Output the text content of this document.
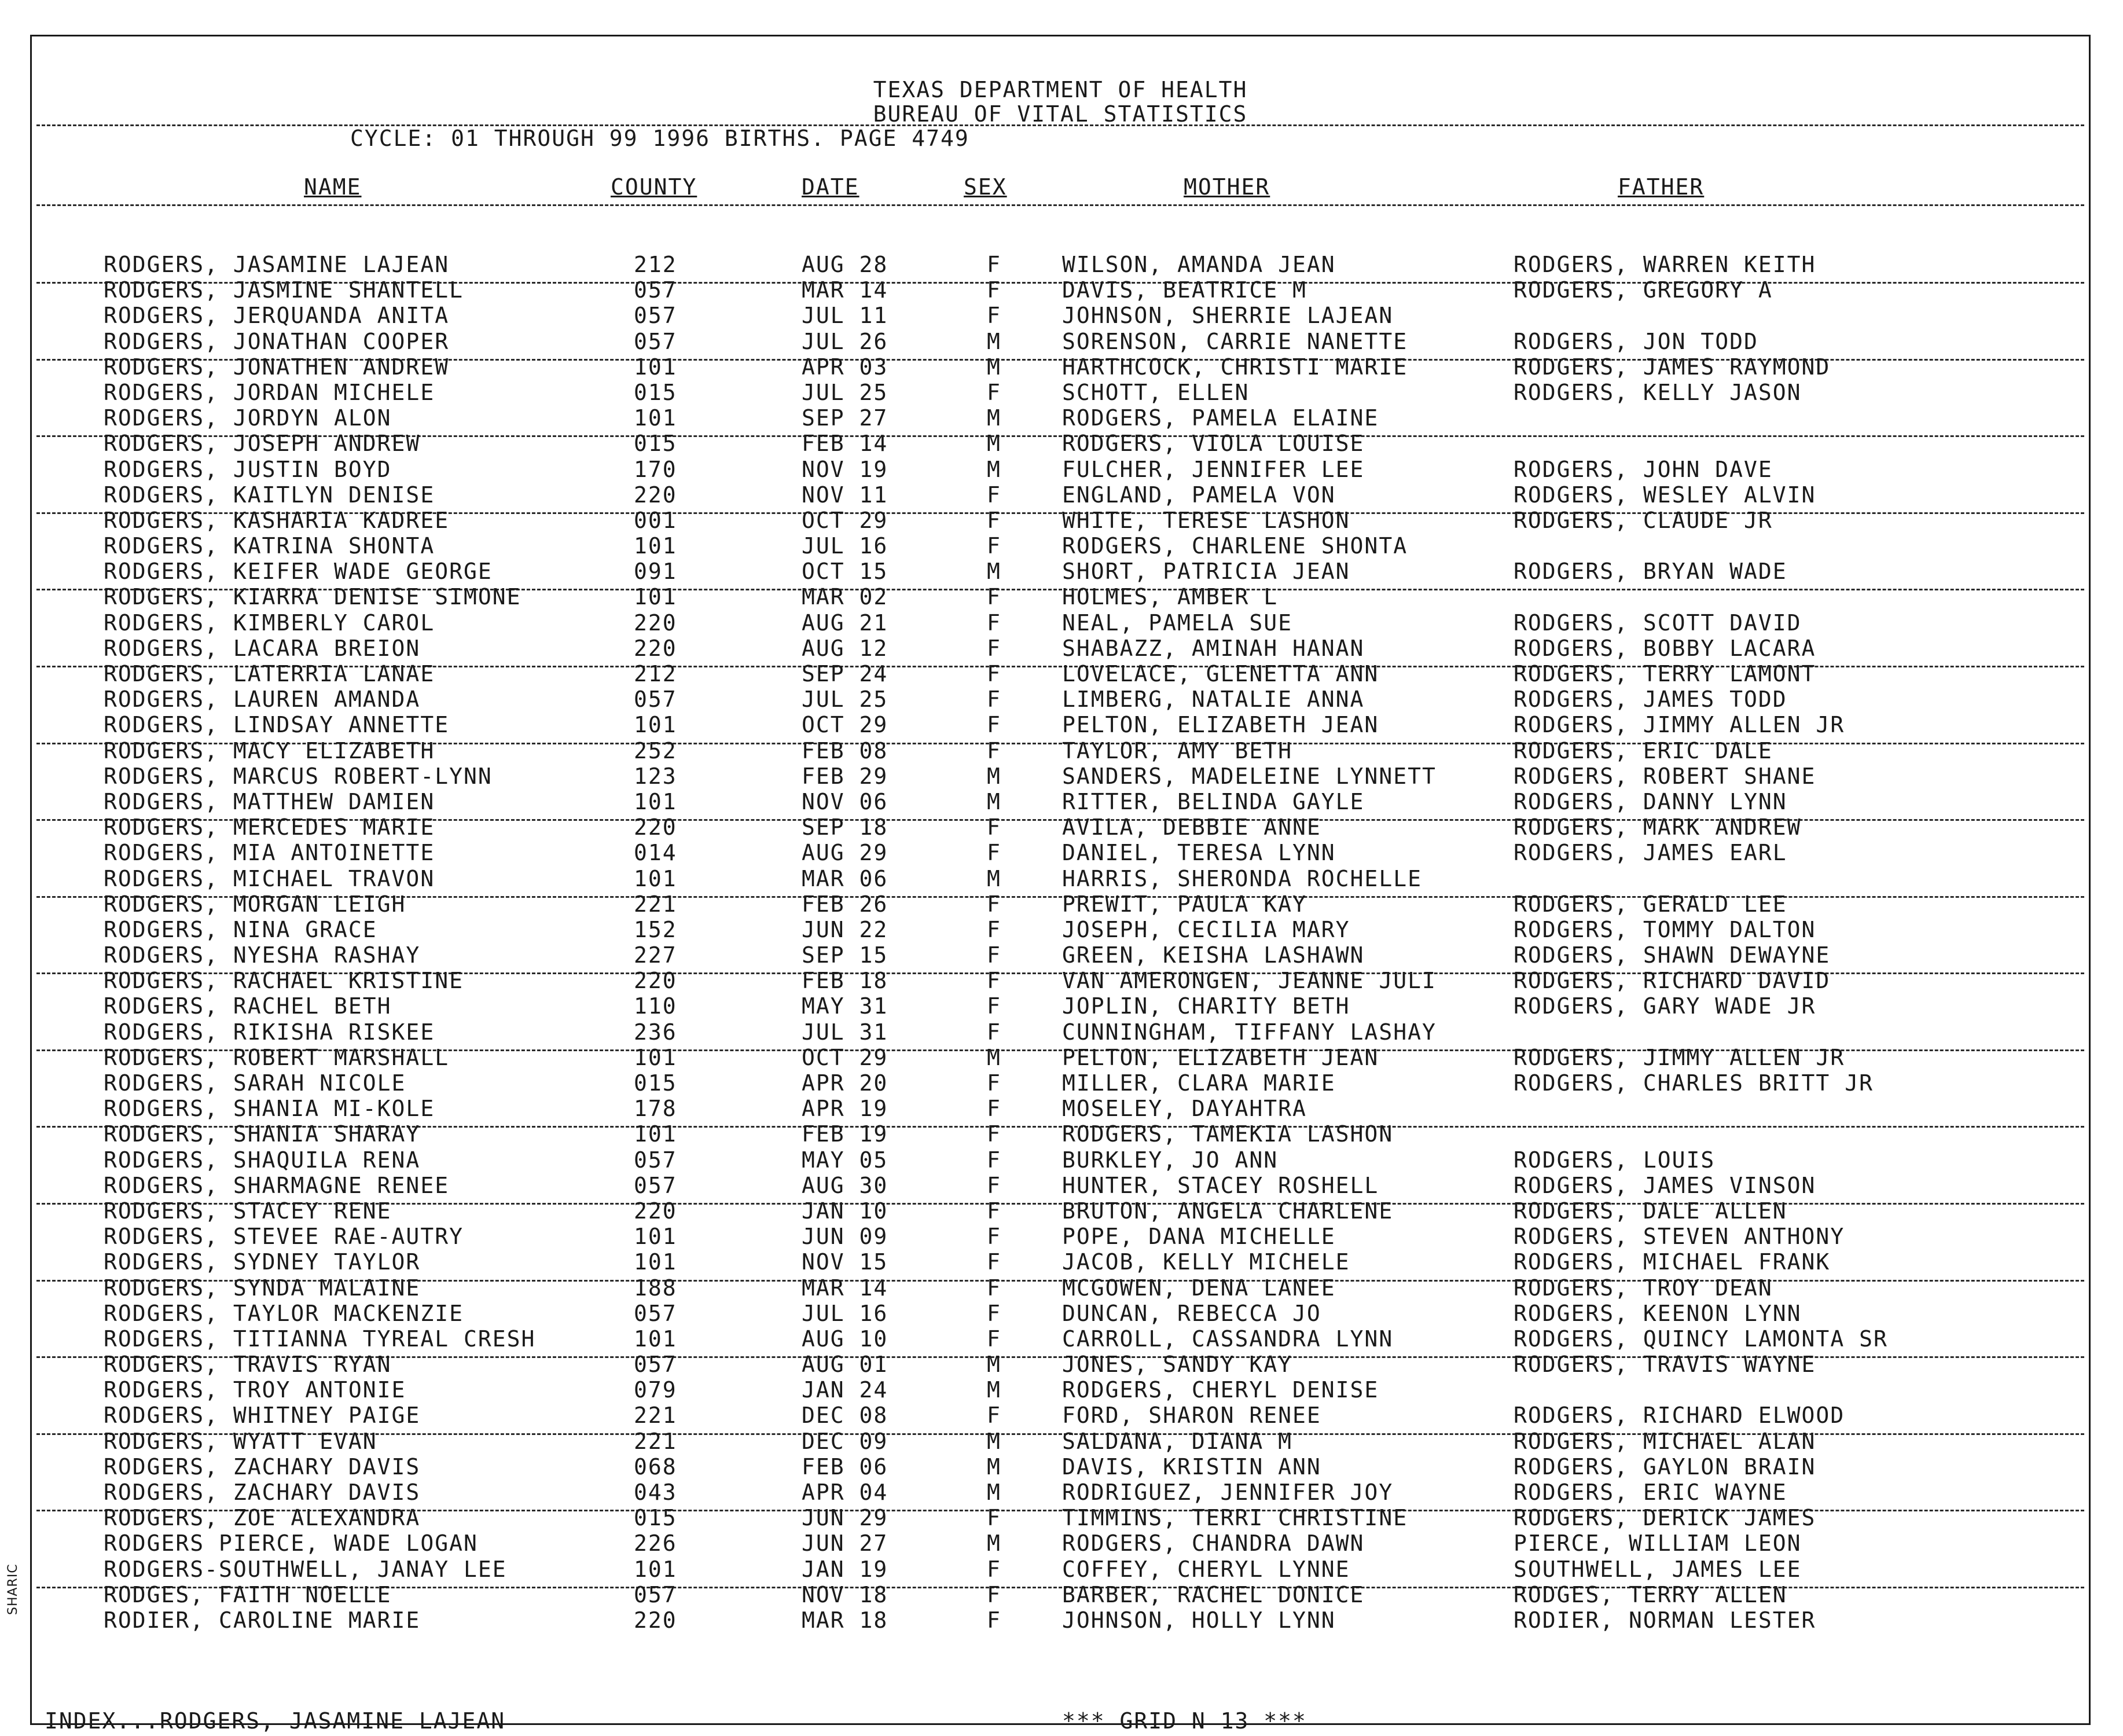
TEXAS DEPARTMENT OF HEALTH
BUREAU OF VITAL STATISTICS
CYCLE: 01 THROUGH 99 1996 BIRTHS. PAGE 4749
NAME	COUNTY	DATE	SEX	MOTHER	FATHER
RODGERS, JASAMINE LAJEAN	212	AUG 28	F	WILSON, AMANDA JEAN	RODGERS, WARREN KEITH
RODGERS, JASMINE SHANTELL	057	MAR 14	F	DAVIS, BEATRICE M	RODGERS, GREGORY A
RODGERS, JERQUANDA ANITA	057	JUL 11	F	JOHNSON, SHERRIE LAJEAN
RODGERS, JONATHAN COOPER	057	JUL 26	M	SORENSON, CARRIE NANETTE	RODGERS, JON TODD
RODGERS, JONATHEN ANDREW	101	APR 03	M	HARTHCOCK, CHRISTI MARIE	RODGERS, JAMES RAYMOND
RODGERS, JORDAN MICHELE	015	JUL 25	F	SCHOTT, ELLEN	RODGERS, KELLY JASON
RODGERS, JORDYN ALON	101	SEP 27	M	RODGERS, PAMELA ELAINE
RODGERS, JOSEPH ANDREW	015	FEB 14	M	RODGERS, VIOLA LOUISE
RODGERS, JUSTIN BOYD	170	NOV 19	M	FULCHER, JENNIFER LEE	RODGERS, JOHN DAVE
RODGERS, KAITLYN DENISE	220	NOV 11	F	ENGLAND, PAMELA VON	RODGERS, WESLEY ALVIN
RODGERS, KASHARIA KADREE	001	OCT 29	F	WHITE, TERESE LASHON	RODGERS, CLAUDE JR
RODGERS, KATRINA SHONTA	101	JUL 16	F	RODGERS, CHARLENE SHONTA
RODGERS, KEIFER WADE GEORGE	091	OCT 15	M	SHORT, PATRICIA JEAN	RODGERS, BRYAN WADE
RODGERS, KIARRA DENISE SIMONE	101	MAR 02	F	HOLMES, AMBER L
RODGERS, KIMBERLY CAROL	220	AUG 21	F	NEAL, PAMELA SUE	RODGERS, SCOTT DAVID
RODGERS, LACARA BREION	220	AUG 12	F	SHABAZZ, AMINAH HANAN	RODGERS, BOBBY LACARA
RODGERS, LATERRIA LANAE	212	SEP 24	F	LOVELACE, GLENETTA ANN	RODGERS, TERRY LAMONT
RODGERS, LAUREN AMANDA	057	JUL 25	F	LIMBERG, NATALIE ANNA	RODGERS, JAMES TODD
RODGERS, LINDSAY ANNETTE	101	OCT 29	F	PELTON, ELIZABETH JEAN	RODGERS, JIMMY ALLEN JR
RODGERS, MACY ELIZABETH	252	FEB 08	F	TAYLOR, AMY BETH	RODGERS, ERIC DALE
RODGERS, MARCUS ROBERT-LYNN	123	FEB 29	M	SANDERS, MADELEINE LYNNETT	RODGERS, ROBERT SHANE
RODGERS, MATTHEW DAMIEN	101	NOV 06	M	RITTER, BELINDA GAYLE	RODGERS, DANNY LYNN
RODGERS, MERCEDES MARIE	220	SEP 18	F	AVILA, DEBBIE ANNE	RODGERS, MARK ANDREW
RODGERS, MIA ANTOINETTE	014	AUG 29	F	DANIEL, TERESA LYNN	RODGERS, JAMES EARL
RODGERS, MICHAEL TRAVON	101	MAR 06	M	HARRIS, SHERONDA ROCHELLE
RODGERS, MORGAN LEIGH	221	FEB 26	F	PREWIT, PAULA KAY	RODGERS, GERALD LEE
RODGERS, NINA GRACE	152	JUN 22	F	JOSEPH, CECILIA MARY	RODGERS, TOMMY DALTON
RODGERS, NYESHA RASHAY	227	SEP 15	F	GREEN, KEISHA LASHAWN	RODGERS, SHAWN DEWAYNE
RODGERS, RACHAEL KRISTINE	220	FEB 18	F	VAN AMERONGEN, JEANNE JULI	RODGERS, RICHARD DAVID
RODGERS, RACHEL BETH	110	MAY 31	F	JOPLIN, CHARITY BETH	RODGERS, GARY WADE JR
RODGERS, RIKISHA RISKEE	236	JUL 31	F	CUNNINGHAM, TIFFANY LASHAY
RODGERS, ROBERT MARSHALL	101	OCT 29	M	PELTON, ELIZABETH JEAN	RODGERS, JIMMY ALLEN JR
RODGERS, SARAH NICOLE	015	APR 20	F	MILLER, CLARA MARIE	RODGERS, CHARLES BRITT JR
RODGERS, SHANIA MI-KOLE	178	APR 19	F	MOSELEY, DAYAHTRA
RODGERS, SHANIA SHARAY	101	FEB 19	F	RODGERS, TAMEKIA LASHON
RODGERS, SHAQUILA RENA	057	MAY 05	F	BURKLEY, JO ANN	RODGERS, LOUIS
RODGERS, SHARMAGNE RENEE	057	AUG 30	F	HUNTER, STACEY ROSHELL	RODGERS, JAMES VINSON
RODGERS, STACEY RENE	220	JAN 10	F	BRUTON, ANGELA CHARLENE	RODGERS, DALE ALLEN
RODGERS, STEVEE RAE-AUTRY	101	JUN 09	F	POPE, DANA MICHELLE	RODGERS, STEVEN ANTHONY
RODGERS, SYDNEY TAYLOR	101	NOV 15	F	JACOB, KELLY MICHELE	RODGERS, MICHAEL FRANK
RODGERS, SYNDA MALAINE	188	MAR 14	F	MCGOWEN, DENA LANEE	RODGERS, TROY DEAN
RODGERS, TAYLOR MACKENZIE	057	JUL 16	F	DUNCAN, REBECCA JO	RODGERS, KEENON LYNN
RODGERS, TITIANNA TYREAL CRESH	101	AUG 10	F	CARROLL, CASSANDRA LYNN	RODGERS, QUINCY LAMONTA SR
RODGERS, TRAVIS RYAN	057	AUG 01	M	JONES, SANDY KAY	RODGERS, TRAVIS WAYNE
RODGERS, TROY ANTONIE	079	JAN 24	M	RODGERS, CHERYL DENISE
RODGERS, WHITNEY PAIGE	221	DEC 08	F	FORD, SHARON RENEE	RODGERS, RICHARD ELWOOD
RODGERS, WYATT EVAN	221	DEC 09	M	SALDANA, DIANA M	RODGERS, MICHAEL ALAN
RODGERS, ZACHARY DAVIS	068	FEB 06	M	DAVIS, KRISTIN ANN	RODGERS, GAYLON BRAIN
RODGERS, ZACHARY DAVIS	043	APR 04	M	RODRIGUEZ, JENNIFER JOY	RODGERS, ERIC WAYNE
RODGERS, ZOE ALEXANDRA	015	JUN 29	F	TIMMINS, TERRI CHRISTINE	RODGERS, DERICK JAMES
RODGERS PIERCE, WADE LOGAN	226	JUN 27	M	RODGERS, CHANDRA DAWN	PIERCE, WILLIAM LEON
RODGERS-SOUTHWELL, JANAY LEE	101	JAN 19	F	COFFEY, CHERYL LYNNE	SOUTHWELL, JAMES LEE
RODGES, FAITH NOELLE	057	NOV 18	F	BARBER, RACHEL DONICE	RODGES, TERRY ALLEN
RODIER, CAROLINE MARIE	220	MAR 18	F	JOHNSON, HOLLY LYNN	RODIER, NORMAN LESTER
INDEX...RODGERS, JASAMINE LAJEAN	*** GRID N 13 ***
SHARIC
